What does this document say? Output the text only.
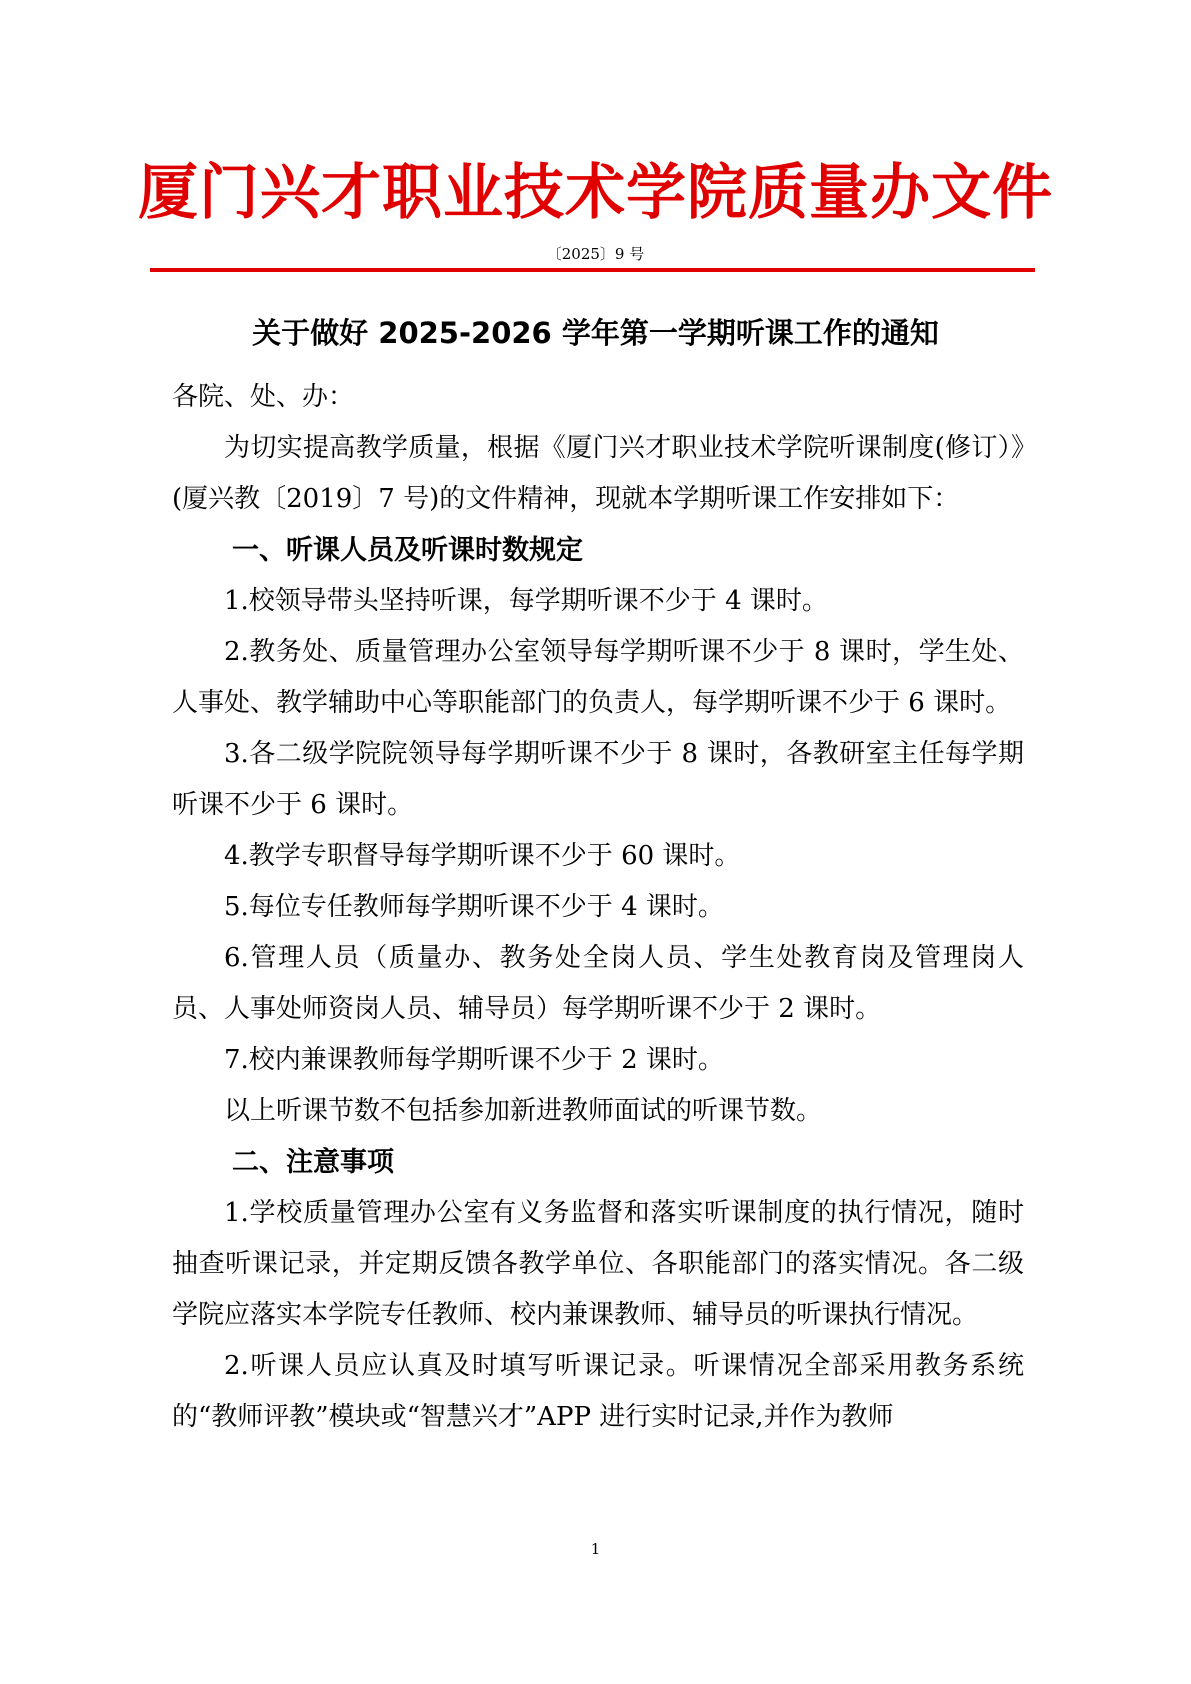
厦门兴才职业技术学院质量办文件
〔2025〕9 号
关于做好 2025-2026 学年第一学期听课工作的通知

各院、处、办：

为切实提高教学质量，根据《厦门兴才职业技术学院听课制度(修订）》(厦兴教〔2019〕7 号)的文件精神，现就本学期听课工作安排如下：

一、听课人员及听课时数规定

1.校领导带头坚持听课，每学期听课不少于 4 课时。

2.教务处、质量管理办公室领导每学期听课不少于 8 课时，学生处、人事处、教学辅助中心等职能部门的负责人，每学期听课不少于 6 课时。

3.各二级学院院领导每学期听课不少于 8 课时，各教研室主任每学期听课不少于 6 课时。

4.教学专职督导每学期听课不少于 60 课时。

5.每位专任教师每学期听课不少于 4 课时。

6.管理人员（质量办、教务处全岗人员、学生处教育岗及管理岗人员、人事处师资岗人员、辅导员）每学期听课不少于 2 课时。

7.校内兼课教师每学期听课不少于 2 课时。

以上听课节数不包括参加新进教师面试的听课节数。

二、注意事项

1.学校质量管理办公室有义务监督和落实听课制度的执行情况，随时抽查听课记录，并定期反馈各教学单位、各职能部门的落实情况。各二级学院应落实本学院专任教师、校内兼课教师、辅导员的听课执行情况。

2.听课人员应认真及时填写听课记录。听课情况全部采用教务系统的“教师评教”模块或“智慧兴才”APP 进行实时记录,并作为教师

1
